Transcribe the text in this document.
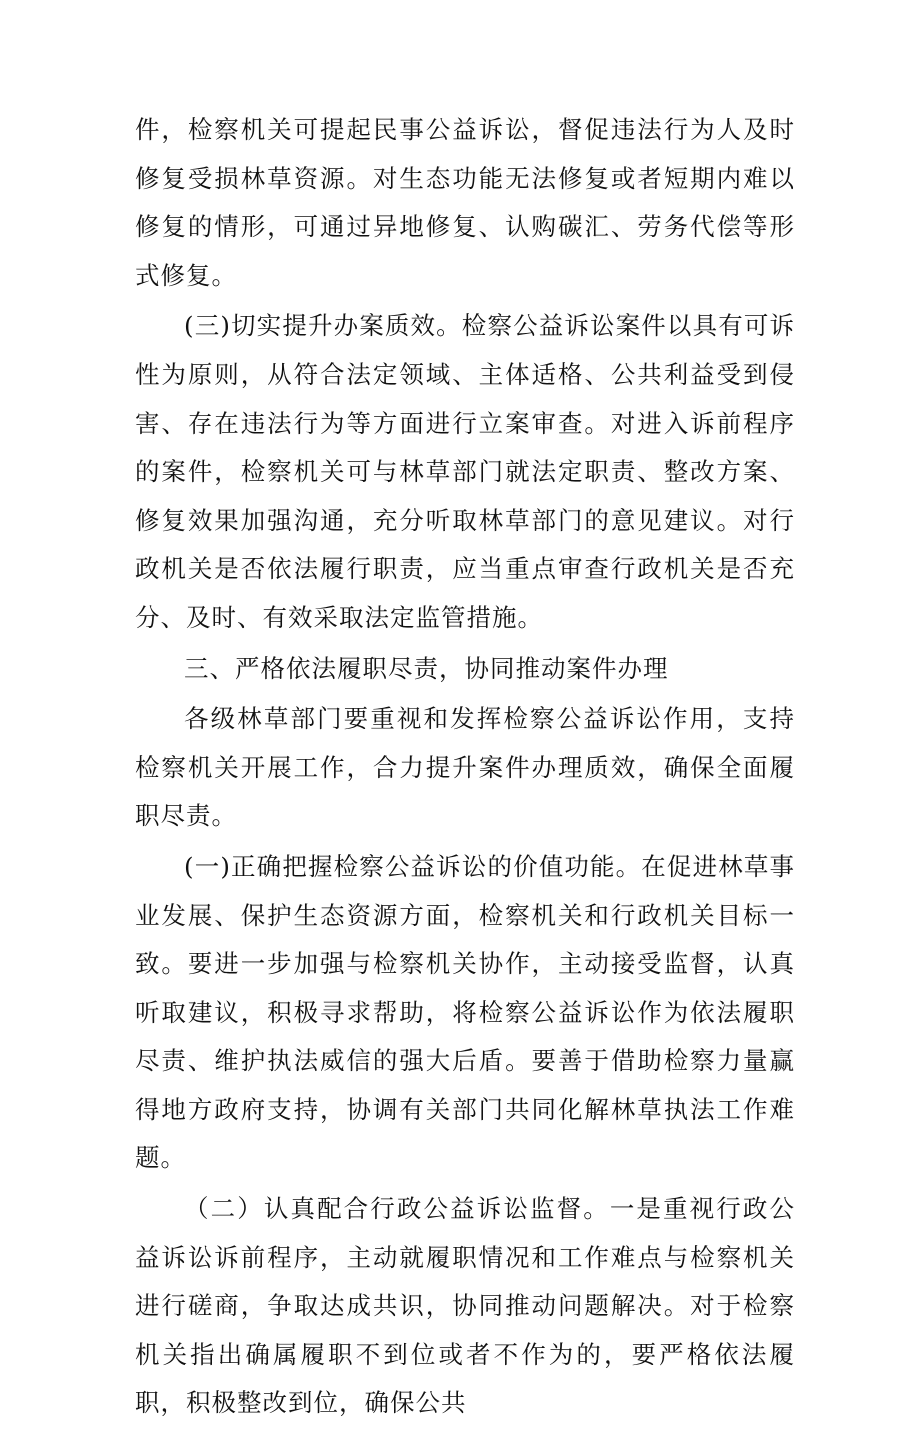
件，检察机关可提起民事公益诉讼，督促违法行为人及时修复受损林草资源。对生态功能无法修复或者短期内难以修复的情形，可通过异地修复、认购碳汇、劳务代偿等形式修复。

(三)切实提升办案质效。检察公益诉讼案件以具有可诉性为原则，从符合法定领域、主体适格、公共利益受到侵害、存在违法行为等方面进行立案审查。对进入诉前程序的案件，检察机关可与林草部门就法定职责、整改方案、修复效果加强沟通，充分听取林草部门的意见建议。对行政机关是否依法履行职责，应当重点审查行政机关是否充分、及时、有效采取法定监管措施。

三、严格依法履职尽责，协同推动案件办理

各级林草部门要重视和发挥检察公益诉讼作用，支持检察机关开展工作，合力提升案件办理质效，确保全面履职尽责。

(一)正确把握检察公益诉讼的价值功能。在促进林草事业发展、保护生态资源方面，检察机关和行政机关目标一致。要进一步加强与检察机关协作，主动接受监督，认真听取建议，积极寻求帮助，将检察公益诉讼作为依法履职尽责、维护执法威信的强大后盾。要善于借助检察力量赢得地方政府支持，协调有关部门共同化解林草执法工作难题。

（二）认真配合行政公益诉讼监督。一是重视行政公益诉讼诉前程序，主动就履职情况和工作难点与检察机关进行磋商，争取达成共识，协同推动问题解决。对于检察机关指出确属履职不到位或者不作为的，要严格依法履职，积极整改到位，确保公共
